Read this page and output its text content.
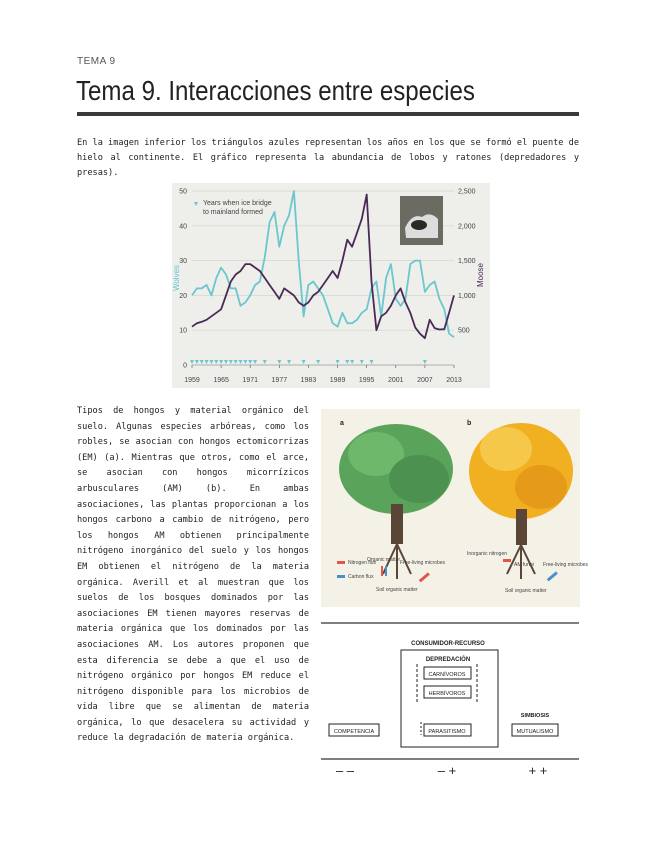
TEMA 9
Tema 9. Interacciones entre especies

En la imagen inferior los triángulos azules representan los años en los que se formó el puente de hielo al continente. El gráfico representa la abundancia de lobos y ratones (depredadores y presas).

0
10
20
30
40
50
500
1,000
1,500
2,000
2,500
1959 1965 1971 1977 1983 1989 1995 2001 2007 2013
Wolves	Moose
Years when ice bridge
to mainland formed

Tipos de hongos y material orgánico del suelo. Algunas especies arbóreas, como los robles, se asocian con hongos ectomicorrizas (EM) (a). Mientras que otros, como el arce, se asocian con hongos micorrízicos arbusculares (AM) (b). En ambas asociaciones, las plantas proporcionan a los hongos carbono a cambio de nitrógeno, pero los hongos AM obtienen principalmente nitrógeno inorgánico del suelo y los hongos EM obtienen el nitrógeno de la materia orgánica. Averill et al muestran que los suelos de los bosques dominados por las asociaciones EM tienen mayores reservas de materia orgánica que los dominados por las asociaciones AM. Los autores proponen que esta diferencia se debe a que el uso de nitrógeno orgánico por hongos EM reduce el nitrógeno disponible para los microbios de vida libre que se alimentan de materia orgánica, lo que desacelera su actividad y reduce la degradación de materia orgánica.

a	b
Nitrogen flux
Carbon flux
Organic matter Free-living microbes
Soil organic matter
Inorganic nitrogen
AM fungi Free-living microbes
Soil organic matter
CONSUMIDOR-RECURSO
DEPREDACIÓN
CARNÍVOROS
HERBÍVOROS
PARASITISMO
SIMBIOSIS
MUTUALISMO
COMPETENCIA
– –	– +	+ +
